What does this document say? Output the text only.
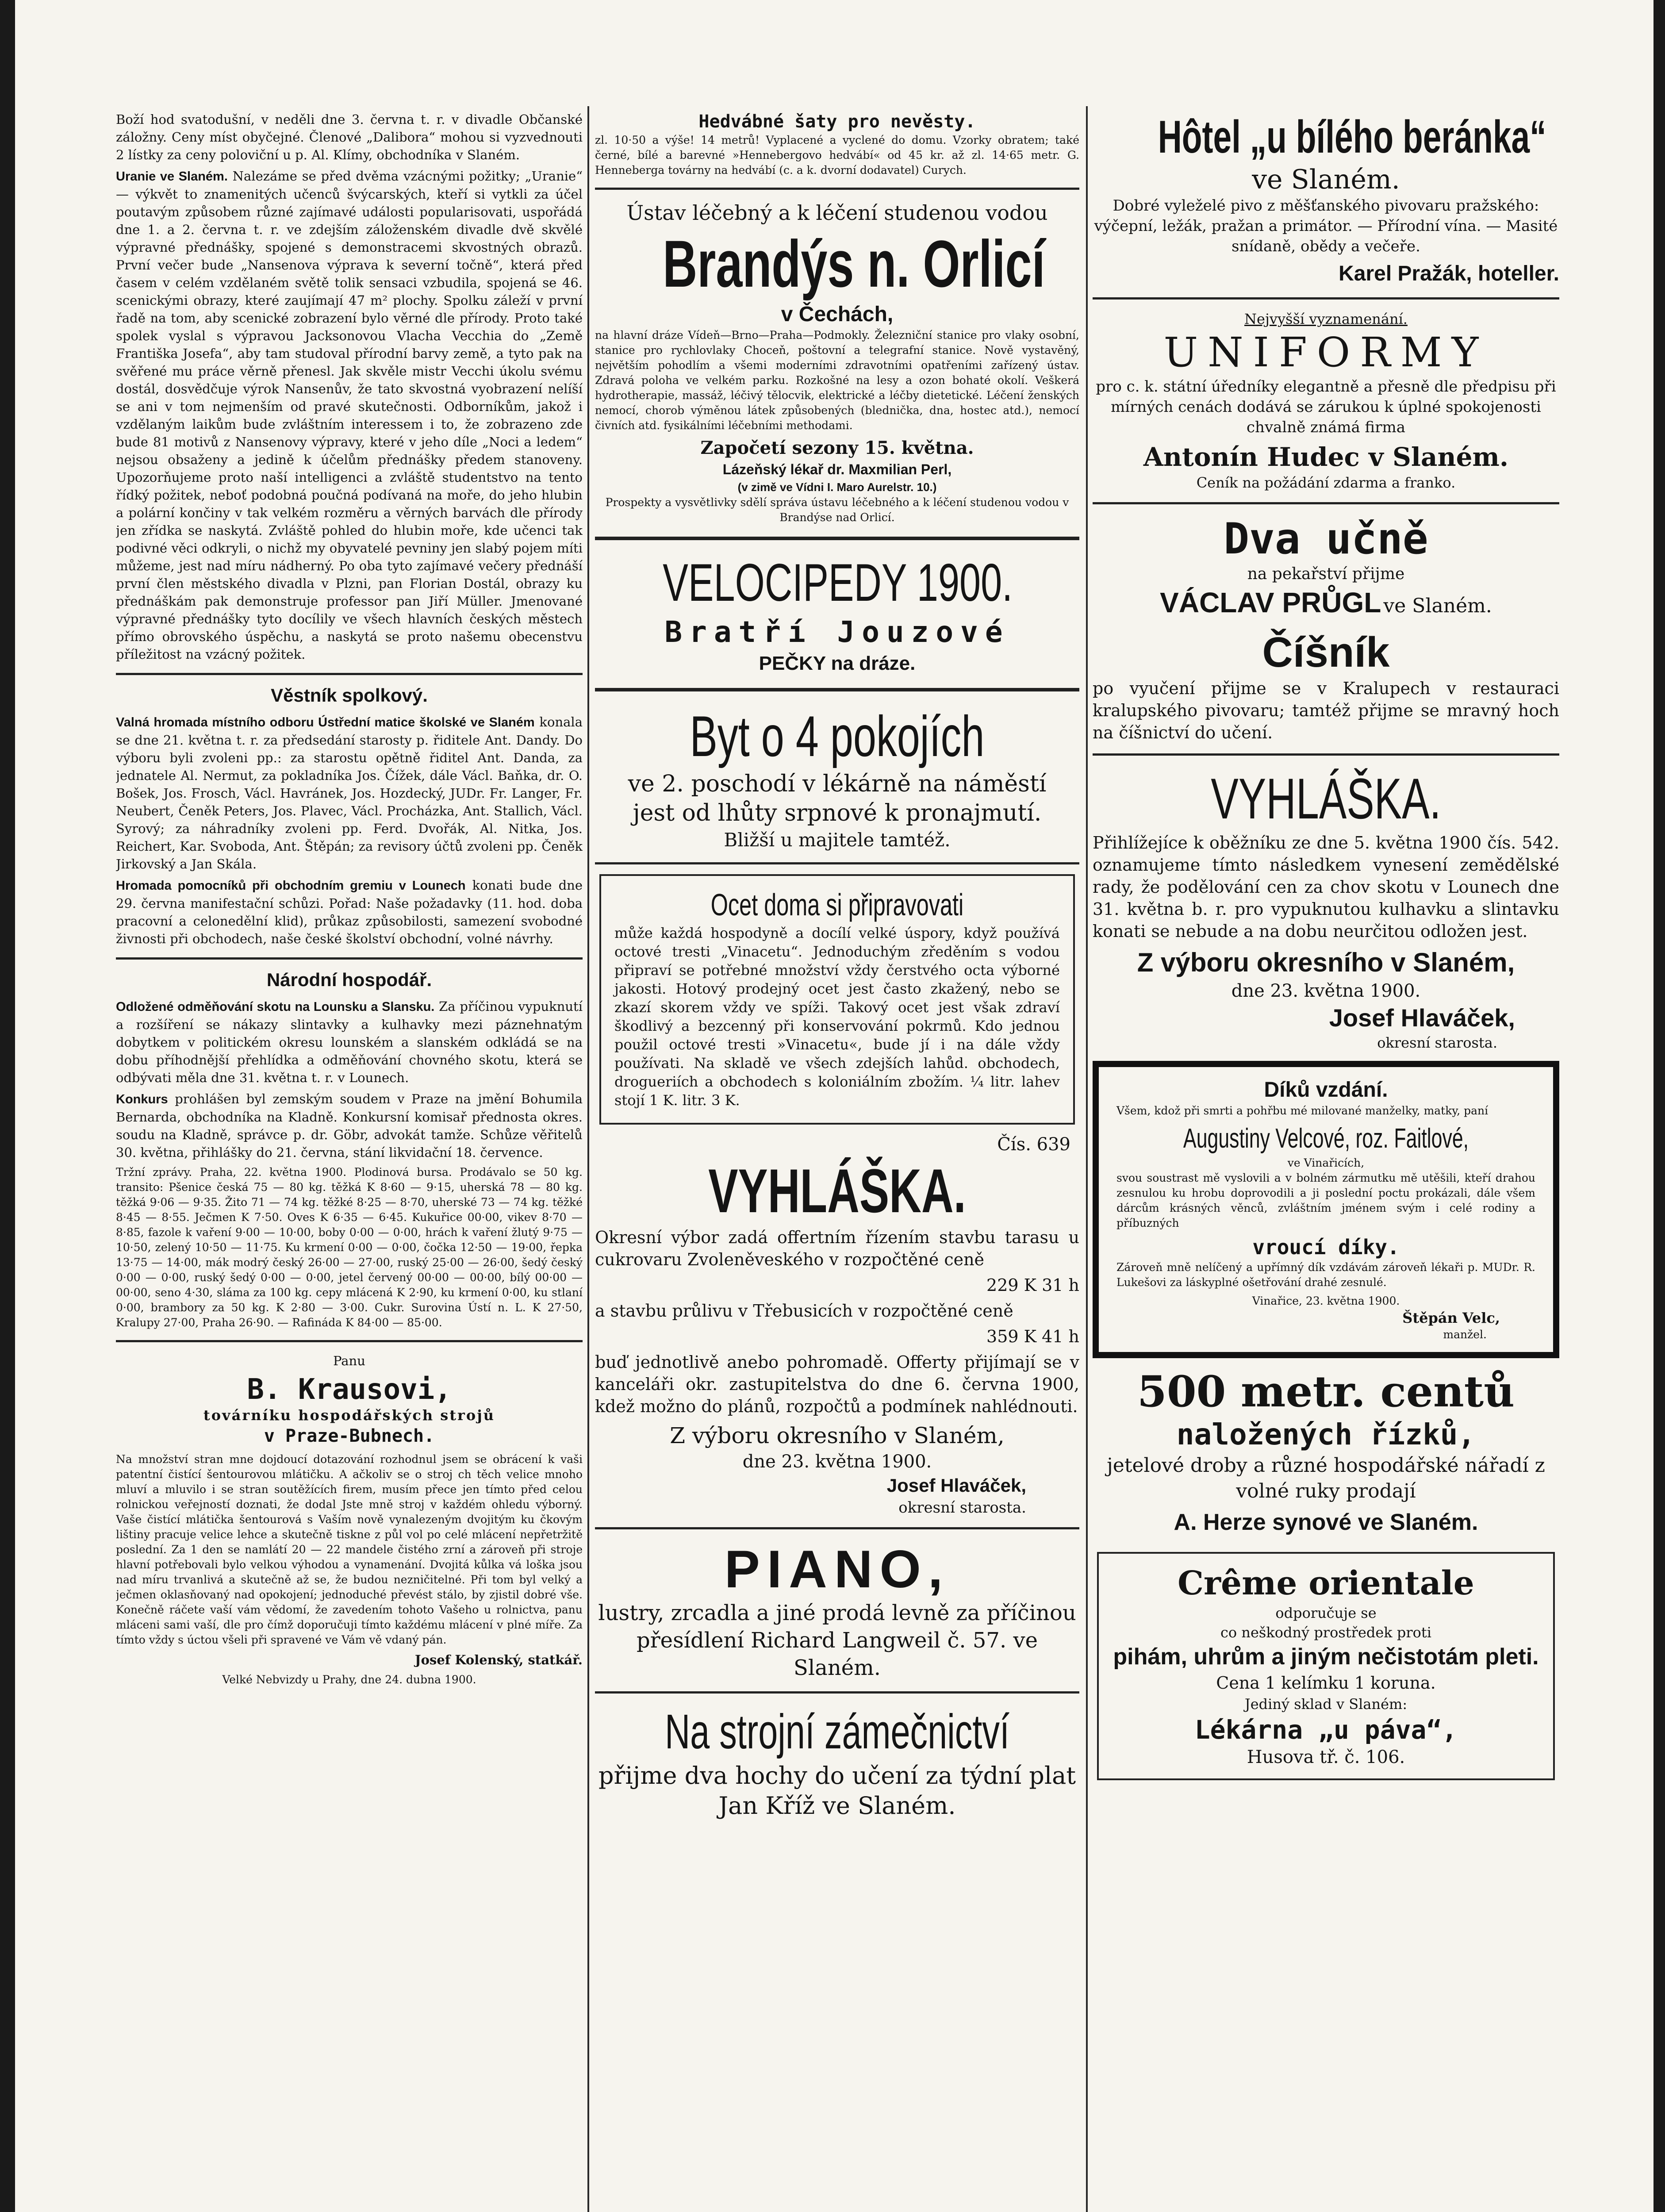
Boží hod svatodušní, v neděli dne 3. června t. r. v divadle Občanské záložny. Ceny míst obyčejné. Členové „Dalibora“ mohou si vyzvednouti 2 lístky za ceny poloviční u p. Al. Klímy, obchodníka v Slaném.

Uranie ve Slaném. Nalezáme se před dvěma vzácnými požitky; „Uranie“ — výkvět to znamenitých učenců švýcarských, kteří si vytkli za účel poutavým způsobem různé zajímavé události popularisovati, uspořádá dne 1. a 2. června t. r. ve zdejším záloženském divadle dvě skvělé výpravné přednášky, spojené s demonstracemi skvostných obrazů. První večer bude „Nansenova výprava k severní točně“, která před časem v celém vzdělaném světě tolik sensaci vzbudila, spojená se 46. scenickými obrazy, které zaujímají 47 m² plochy. Spolku záleží v první řadě na tom, aby scenické zobrazení bylo věrné dle přírody. Proto také spolek vyslal s výpravou Jacksonovou Vlacha Vecchia do „Země Františka Josefa“, aby tam studoval přírodní barvy země, a tyto pak na svěřené mu práce věrně přenesl. Jak skvěle mistr Vecchi úkolu svému dostál, dosvědčuje výrok Nansenův, že tato skvostná vyobrazení nelíší se ani v tom nejmenším od pravé skutečnosti. Odborníkům, jakož i vzdělaným laikům bude zvláštním interessem i to, že zobrazeno zde bude 81 motivů z Nansenovy výpravy, které v jeho díle „Noci a ledem“ nejsou obsaženy a jedině k účelům přednášky předem stanoveny. Upozorňujeme proto naší intelligenci a zvláště studentstvo na tento řídký požitek, neboť podobná poučná podívaná na moře, do jeho hlubin a polární končiny v tak velkém rozměru a věrných barvách dle přírody jen zřídka se naskytá. Zvláště pohled do hlubin moře, kde učenci tak podivné věci odkryli, o nichž my obyvatelé pevniny jen slabý pojem míti můžeme, jest nad míru nádherný. Po oba tyto zajímavé večery přednáší první člen městského divadla v Plzni, pan Florian Dostál, obrazy ku přednáškám pak demonstruje professor pan Jiří Müller. Jmenované výpravné přednášky tyto docílily ve všech hlavních českých městech přímo obrovského úspěchu, a naskytá se proto našemu obecenstvu příležitost na vzácný požitek.

Věstník spolkový.

Valná hromada místního odboru Ústřední matice školské ve Slaném konala se dne 21. května t. r. za předsedání starosty p. řiditele Ant. Dandy. Do výboru byli zvoleni pp.: za starostu opětně řiditel Ant. Danda, za jednatele Al. Nermut, za pokladníka Jos. Čížek, dále Václ. Baňka, dr. O. Bošek, Jos. Frosch, Václ. Havránek, Jos. Hozdecký, JUDr. Fr. Langer, Fr. Neubert, Čeněk Peters, Jos. Plavec, Václ. Procházka, Ant. Stallich, Václ. Syrový; za náhradníky zvoleni pp. Ferd. Dvořák, Al. Nitka, Jos. Reichert, Kar. Svoboda, Ant. Štěpán; za revisory účtů zvoleni pp. Čeněk Jirkovský a Jan Skála.

Hromada pomocníků při obchodním gremiu v Lounech konati bude dne 29. června manifestační schůzi. Pořad: Naše požadavky (11. hod. doba pracovní a celonedělní klid), průkaz způsobilosti, samezení svobodné živnosti při obchodech, naše české školství obchodní, volné návrhy.

Národní hospodář.

Odložené odměňování skotu na Lounsku a Slansku. Za příčinou vypuknutí a rozšíření se nákazy slintavky a kulhavky mezi páznehnatým dobytkem v politickém okresu lounském a slanském odkládá se na dobu příhodnější přehlídka a odměňování chovného skotu, která se odbývati měla dne 31. května t. r. v Lounech.

Konkurs prohlášen byl zemským soudem v Praze na jmění Bohumila Bernarda, obchodníka na Kladně. Konkursní komisař přednosta okres. soudu na Kladně, správce p. dr. Göbr, advokát tamže. Schůze věřitelů 30. května, přihlášky do 21. června, stání likvidační 18. července.

Tržní zprávy. Praha, 22. května 1900. Plodinová bursa. Prodávalo se 50 kg. transito: Pšenice česká 75 — 80 kg. těžká K 8·60 — 9·15, uherská 78 — 80 kg. těžká 9·06 — 9·35. Žito 71 — 74 kg. těžké 8·25 — 8·70, uherské 73 — 74 kg. těžké 8·45 — 8·55. Ječmen K 7·50. Oves K 6·35 — 6·45. Kukuřice 00·00, vikev 8·70 — 8·85, fazole k vaření 9·00 — 10·00, boby 0·00 — 0·00, hrách k vaření žlutý 9·75 — 10·50, zelený 10·50 — 11·75. Ku krmení 0·00 — 0·00, čočka 12·50 — 19·00, řepka 13·75 — 14·00, mák modrý český 26·00 — 27·00, ruský 25·00 — 26·00, šedý český 0·00 — 0·00, ruský šedý 0·00 — 0·00, jetel červený 00·00 — 00·00, bílý 00·00 — 00·00, seno 4·30, sláma za 100 kg. cepy mlácená K 2·90, ku krmení 0·00, ku stlaní 0·00, brambory za 50 kg. K 2·80 — 3·00. Cukr. Surovina Ústí n. L. K 27·50, Kralupy 27·00, Praha 26·90. — Rafináda K 84·00 — 85·00.

Panu

B. Krausovi,
továrníku hospodářských strojů
v Praze-Bubnech.

Na množství stran mne dojdoucí dotazování rozhodnul jsem se obrácení k vaši patentní čistící šentourovou mlátičku. A ačkoliv se o stroj ch těch velice mnoho mluví a mluvilo i se stran soutěžících firem, musím přece jen tímto před celou rolnickou veřejností doznati, že dodal Jste mně stroj v každém ohledu výborný. Vaše čistící mlátička šentourová s Vaším nově vynalezeným dvojitým ku čkovým lištiny pracuje velice lehce a skutečně tiskne z půl vol po celé mlácení nepřetržitě poslední. Za 1 den se namlátí 20 — 22 mandele čistého zrní a zároveň při stroje hlavní potřebovali bylo velkou výhodou a vynamenání. Dvojitá kůlka vá loška jsou nad míru trvanlivá a skutečně až se, že budou nezničitelné. Při tom byl velký a ječmen oklasňovaný nad opokojení; jednoduché převést stálo, by zjistil dobré vše. Konečně ráčete vaší vám vědomí, že zavedením tohoto Vašeho u rolnictva, panu mláceni sami vaší, dle pro čímž doporučuji tímto každému mlácení v plné míře. Za tímto vždy s úctou všeli při spravené ve Vám vě vdaný pán.

Josef Kolenský, statkář.

Velké Nebvizdy u Prahy, dne 24. dubna 1900.

Hedvábné šaty pro nevěsty.

zl. 10·50 a výše! 14 metrů! Vyplacené a vyclené do domu. Vzorky obratem; také černé, bílé a barevné »Hennebergovo hedvábí« od 45 kr. až zl. 14·65 metr. G. Henneberga továrny na hedvábí (c. a k. dvorní dodavatel) Curych.

Ústav léčebný a k léčení studenou vodou
Brandýs n. Orlicí
v Čechách,

na hlavní dráze Vídeň—Brno—Praha—Podmokly. Železniční stanice pro vlaky osobní, stanice pro rychlovlaky Choceň, poštovní a telegrafní stanice. Nově vystavěný, největším pohodlím a všemi moderními zdravotními opatřeními zařízený ústav. Zdravá poloha ve velkém parku. Rozkošné na lesy a ozon bohaté okolí. Veškerá hydrotherapie, massáž, léčivý tělocvik, elektrické a léčby dietetické. Léčení ženských nemocí, chorob výměnou látek způsobených (blednička, dna, hostec atd.), nemocí čivních atd. fysikálními léčebními methodami.

Započetí sezony 15. května.
Lázeňský lékař dr. Maxmilian Perl,
(v zimě ve Vídni I. Maro Aurelstr. 10.)

Prospekty a vysvětlivky sdělí správa ústavu léčebného a k léčení studenou vodou v Brandýse nad Orlicí.

VELOCIPEDY 1900.
Bratří Jouzové
PEČKY na dráze.
Byt o 4 pokojích
ve 2. poschodí v lékárně na náměstí
jest od lhůty srpnové k pronajmutí.
Bližší u majitele tamtéž.
Ocet doma si připravovati

může každá hospodyně a docílí velké úspory, když používá octové tresti „Vinacetu“. Jednoduchým zředěním s vodou připraví se potřebné množství vždy čerstvého octa výborné jakosti. Hotový prodejný ocet jest často zkažený, nebo se zkazí skorem vždy ve spíži. Takový ocet jest však zdraví škodlivý a bezcenný při konservování pokrmů. Kdo jednou použil octové tresti »Vinacetu«, bude jí i na dále vždy používati. Na skladě ve všech zdejších lahůd. obchodech, drogueriích a obchodech s koloniálním zbožím. ¼ litr. lahev stojí 1 K. litr. 3 K.

Čís. 639
VYHLÁŠKA.

Okresní výbor zadá offertním řízením stavbu tarasu u cukrovaru Zvoleněveského v rozpočtěné ceně

229 K 31 h

a stavbu průlivu v Třebusicích v rozpočtěné ceně

359 K 41 h

buď jednotlivě anebo pohromadě. Offerty přijímají se v kanceláři okr. zastupitelstva do dne 6. června 1900, kdež možno do plánů, rozpočtů a podmínek nahlédnouti.

Z výboru okresního v Slaném,
dne 23. května 1900.
Josef Hlaváček,
okresní starosta.
PIANO,

lustry, zrcadla a jiné prodá levně za příčinou přesídlení Richard Langweil č. 57. ve Slaném.

Na strojní zámečnictví

přijme dva hochy do učení za týdní plat Jan Kříž ve Slaném.

Hôtel „u bílého beránka“
ve Slaném.

Dobré vyleželé pivo z měšťanského pivovaru pražského: výčepní, ležák, pražan a primátor. — Přírodní vína. — Masité snídaně, obědy a večeře.

Karel Pražák, hoteller.
Nejvyšší vyznamenání.
UNIFORMY

pro c. k. státní úředníky elegantně a přesně dle předpisu při mírných cenách dodává se zárukou k úplné spokojenosti chvalně známá firma

Antonín Hudec v Slaném.
Ceník na požádání zdarma a franko.
Dva učně
na pekařství přijme
VÁCLAV PRŮGL ve Slaném.
Číšník

po vyučení přijme se v Kralupech v restauraci kralupského pivovaru; tamtéž přijme se mravný hoch na číšnictví do učení.

VYHLÁŠKA.

Přihlížejíce k oběžníku ze dne 5. května 1900 čís. 542. oznamujeme tímto následkem vynesení zemědělské rady, že podělování cen za chov skotu v Lounech dne 31. května b. r. pro vypuknutou kulhavku a slintavku konati se nebude a na dobu neurčitou odložen jest.

Z výboru okresního v Slaném,
dne 23. května 1900.
Josef Hlaváček,
okresní starosta.
Díků vzdání.

Všem, kdož při smrti a pohřbu mé milované manželky, matky, paní

Augustiny Velcové, roz. Faitlové,
ve Vinařicích,

svou soustrast mě vyslovili a v bolném zármutku mě utěšili, kteří drahou zesnulou ku hrobu doprovodili a ji poslední poctu prokázali, dále všem dárcům krásných věnců, zvláštním jménem svým i celé rodiny a příbuzných

vroucí díky.

Zároveň mně nelíčený a upřímný dík vzdávám zároveň lékaři p. MUDr. R. Lukešovi za láskyplné ošetřování drahé zesnulé.

Vinařice, 23. května 1900.
Štěpán Velc,
manžel.
500 metr. centů
naložených řízků,

jetelové droby a různé hospodářské nářadí z volné ruky prodají

A. Herze synové ve Slaném.
Crême orientale
odporučuje se
co neškodný prostředek proti
pihám, uhrům a jiným nečistotám pleti.
Cena 1 kelímku 1 koruna.
Jediný sklad v Slaném:
Lékárna „u páva“,
Husova tř. č. 106.
